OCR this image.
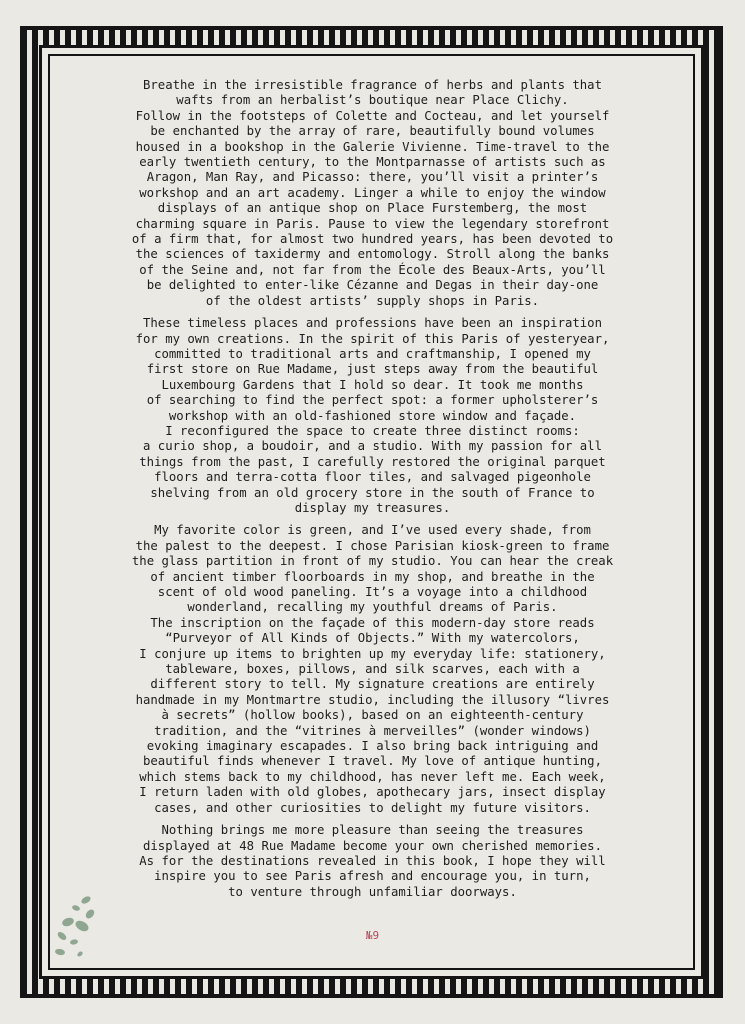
Breathe in the irresistible fragrance of herbs and plants that
wafts from an herbalist’s boutique near Place Clichy.
Follow in the footsteps of Colette and Cocteau, and let yourself
be enchanted by the array of rare, beautifully bound volumes
housed in a bookshop in the Galerie Vivienne. Time-travel to the
early twentieth century, to the Montparnasse of artists such as
Aragon, Man Ray, and Picasso: there, you’ll visit a printer’s
workshop and an art academy. Linger a while to enjoy the window
displays of an antique shop on Place Furstemberg, the most
charming square in Paris. Pause to view the legendary storefront
of a firm that, for almost two hundred years, has been devoted to
the sciences of taxidermy and entomology. Stroll along the banks
of the Seine and, not far from the École des Beaux-Arts, you’ll
be delighted to enter-like Cézanne and Degas in their day-one
of the oldest artists’ supply shops in Paris.
These timeless places and professions have been an inspiration
for my own creations. In the spirit of this Paris of yesteryear,
committed to traditional arts and craftmanship, I opened my
first store on Rue Madame, just steps away from the beautiful
Luxembourg Gardens that I hold so dear. It took me months
of searching to find the perfect spot: a former upholsterer’s
workshop with an old-fashioned store window and façade.
I reconfigured the space to create three distinct rooms:
a curio shop, a boudoir, and a studio. With my passion for all
things from the past, I carefully restored the original parquet
floors and terra-cotta floor tiles, and salvaged pigeonhole
shelving from an old grocery store in the south of France to
display my treasures.
My favorite color is green, and I’ve used every shade, from
the palest to the deepest. I chose Parisian kiosk-green to frame
the glass partition in front of my studio. You can hear the creak
of ancient timber floorboards in my shop, and breathe in the
scent of old wood paneling. It’s a voyage into a childhood
wonderland, recalling my youthful dreams of Paris.
The inscription on the façade of this modern-day store reads
“Purveyor of All Kinds of Objects.” With my watercolors,
I conjure up items to brighten up my everyday life: stationery,
tableware, boxes, pillows, and silk scarves, each with a
different story to tell. My signature creations are entirely
handmade in my Montmartre studio, including the illusory “livres
à secrets” (hollow books), based on an eighteenth-century
tradition, and the “vitrines à merveilles” (wonder windows)
evoking imaginary escapades. I also bring back intriguing and
beautiful finds whenever I travel. My love of antique hunting,
which stems back to my childhood, has never left me. Each week,
I return laden with old globes, apothecary jars, insect display
cases, and other curiosities to delight my future visitors.
Nothing brings me more pleasure than seeing the treasures
displayed at 48 Rue Madame become your own cherished memories.
As for the destinations revealed in this book, I hope they will
inspire you to see Paris afresh and encourage you, in turn,
to venture through unfamiliar doorways.
№9
